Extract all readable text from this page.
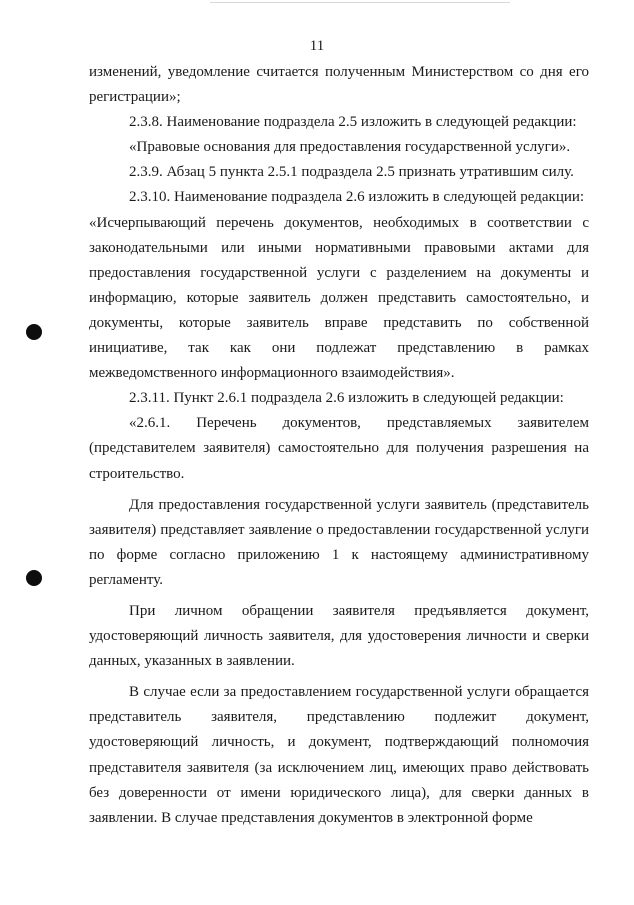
11

изменений, уведомление считается полученным Министерством со дня его регистрации»;

2.3.8. Наименование подраздела 2.5 изложить в следующей редакции:

«Правовые основания для предоставления государственной услуги».

2.3.9. Абзац 5 пункта 2.5.1 подраздела 2.5 признать утратившим силу.

2.3.10. Наименование подраздела 2.6 изложить в следующей редакции:

«Исчерпывающий перечень документов, необходимых в соответствии с законодательными или иными нормативными правовыми актами для предоставления государственной услуги с разделением на документы и информацию, которые заявитель должен представить самостоятельно, и документы, которые заявитель вправе представить по собственной инициативе, так как они подлежат представлению в рамках межведомственного информационного взаимодействия».

2.3.11. Пункт 2.6.1 подраздела 2.6 изложить в следующей редакции:

«2.6.1. Перечень документов, представляемых заявителем (представителем заявителя) самостоятельно для получения разрешения на строительство.

Для предоставления государственной услуги заявитель (представитель заявителя) представляет заявление о предоставлении государственной услуги по форме согласно приложению 1 к настоящему административному регламенту.

При личном обращении заявителя предъявляется документ, удостоверяющий личность заявителя, для удостоверения личности и сверки данных, указанных в заявлении.

В случае если за предоставлением государственной услуги обращается представитель заявителя, представлению подлежит документ, удостоверяющий личность, и документ, подтверждающий полномочия представителя заявителя (за исключением лиц, имеющих право действовать без доверенности от имени юридического лица), для сверки данных в заявлении. В случае представления документов в электронной форме
